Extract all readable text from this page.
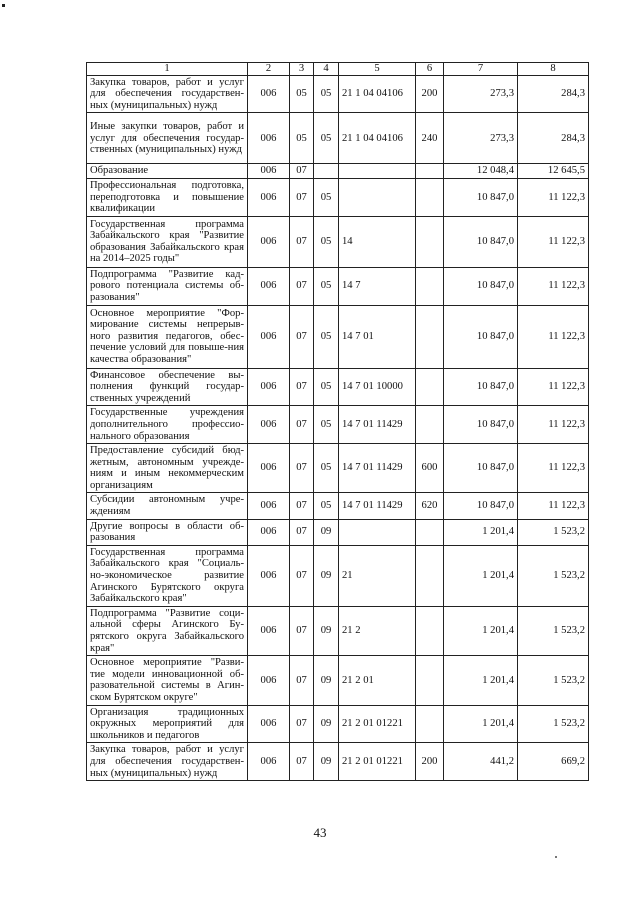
1	2	3	4	5	6	7	8
Закупка товаров, работ и услуг для обеспечения государствен-ных (муниципальных) нужд	006	05	05	21 1 04 04106	200	273,3	284,3
Иные закупки товаров, работ и услуг для обеспечения государ-ственных (муниципальных) нужд	006	05	05	21 1 04 04106	240	273,3	284,3
Образование	006	07				12 048,4	12 645,5
Профессиональная подготовка, переподготовка и повышение квалификации	006	07	05			10 847,0	11 122,3
Государственная программа Забайкальского края "Развитие образования Забайкальского края на 2014–2025 годы"	006	07	05	14		10 847,0	11 122,3
Подпрограмма "Развитие кад-рового потенциала системы об-разования"	006	07	05	14 7		10 847,0	11 122,3
Основное мероприятие "Фор-мирование системы непрерыв-ного развития педагогов, обес-печение условий для повыше-ния качества образования"	006	07	05	14 7 01		10 847,0	11 122,3
Финансовое обеспечение вы-полнения функций государ-ственных учреждений	006	07	05	14 7 01 10000		10 847,0	11 122,3
Государственные учреждения дополнительного профессио-нального образования	006	07	05	14 7 01 11429		10 847,0	11 122,3
Предоставление субсидий бюд-жетным, автономным учрежде-ниям и иным некоммерческим организациям	006	07	05	14 7 01 11429	600	10 847,0	11 122,3
Субсидии автономным учре-ждениям	006	07	05	14 7 01 11429	620	10 847,0	11 122,3
Другие вопросы в области об-разования	006	07	09			1 201,4	1 523,2
Государственная программа Забайкальского края "Социаль-но-экономическое развитие Агинского Бурятского округа Забайкальского края"	006	07	09	21		1 201,4	1 523,2
Подпрограмма "Развитие соци-альной сферы Агинского Бу-рятского округа Забайкальского края"	006	07	09	21 2		1 201,4	1 523,2
Основное мероприятие "Разви-тие модели инновационной об-разовательной системы в Агин-ском Бурятском округе"	006	07	09	21 2 01		1 201,4	1 523,2
Организация традиционных окружных мероприятий для школьников и педагогов	006	07	09	21 2 01 01221		1 201,4	1 523,2
Закупка товаров, работ и услуг для обеспечения государствен-ных (муниципальных) нужд	006	07	09	21 2 01 01221	200	441,2	669,2
43
